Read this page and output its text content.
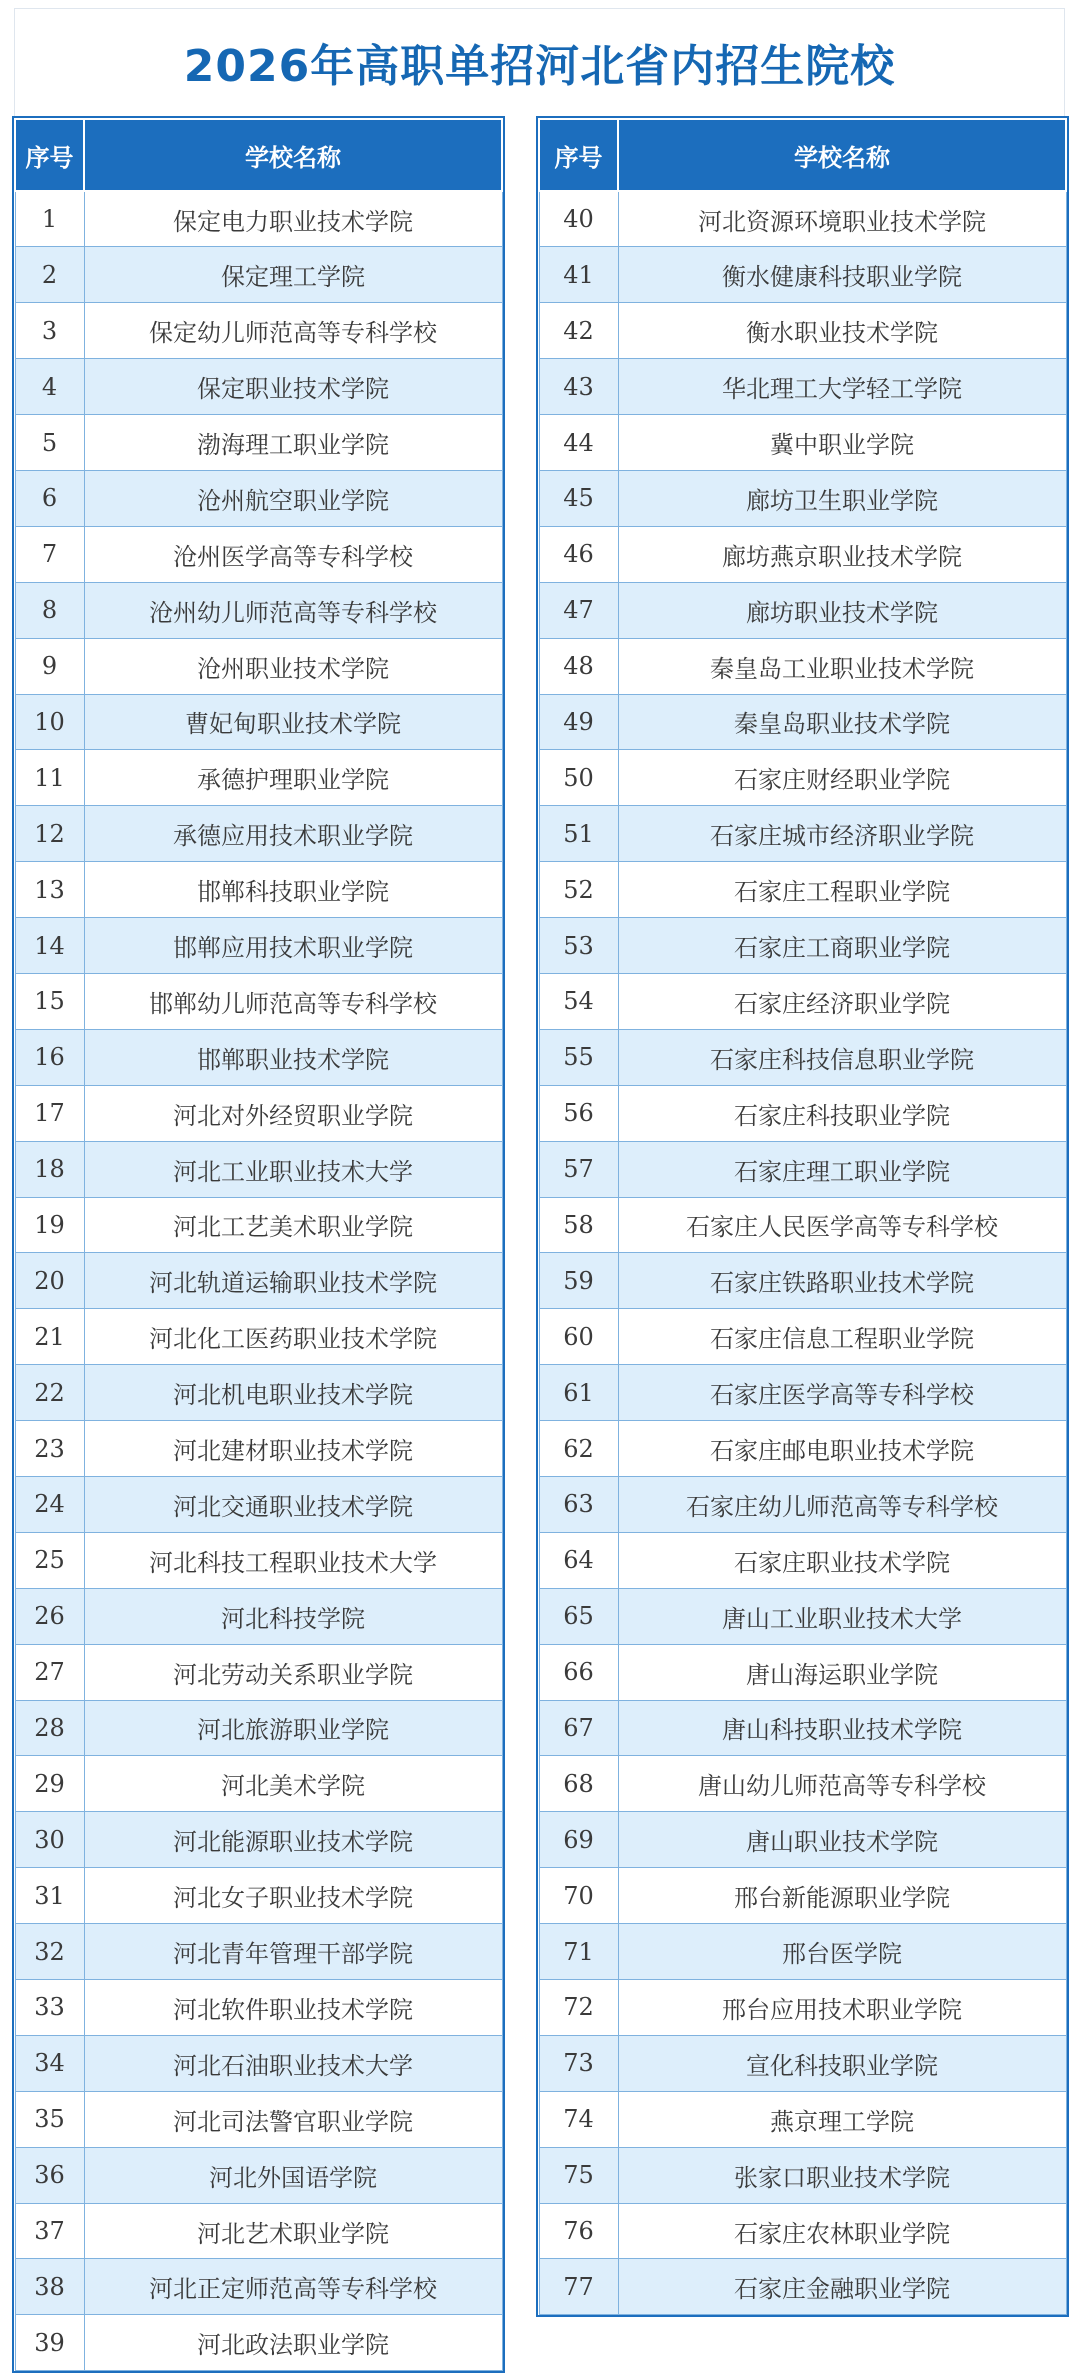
2026年高职单招河北省内招生院校
序号	学校名称
1	保定电力职业技术学院
2	保定理工学院
3	保定幼儿师范高等专科学校
4	保定职业技术学院
5	渤海理工职业学院
6	沧州航空职业学院
7	沧州医学高等专科学校
8	沧州幼儿师范高等专科学校
9	沧州职业技术学院
10	曹妃甸职业技术学院
11	承德护理职业学院
12	承德应用技术职业学院
13	邯郸科技职业学院
14	邯郸应用技术职业学院
15	邯郸幼儿师范高等专科学校
16	邯郸职业技术学院
17	河北对外经贸职业学院
18	河北工业职业技术大学
19	河北工艺美术职业学院
20	河北轨道运输职业技术学院
21	河北化工医药职业技术学院
22	河北机电职业技术学院
23	河北建材职业技术学院
24	河北交通职业技术学院
25	河北科技工程职业技术大学
26	河北科技学院
27	河北劳动关系职业学院
28	河北旅游职业学院
29	河北美术学院
30	河北能源职业技术学院
31	河北女子职业技术学院
32	河北青年管理干部学院
33	河北软件职业技术学院
34	河北石油职业技术大学
35	河北司法警官职业学院
36	河北外国语学院
37	河北艺术职业学院
38	河北正定师范高等专科学校
39	河北政法职业学院
序号	学校名称
40	河北资源环境职业技术学院
41	衡水健康科技职业学院
42	衡水职业技术学院
43	华北理工大学轻工学院
44	冀中职业学院
45	廊坊卫生职业学院
46	廊坊燕京职业技术学院
47	廊坊职业技术学院
48	秦皇岛工业职业技术学院
49	秦皇岛职业技术学院
50	石家庄财经职业学院
51	石家庄城市经济职业学院
52	石家庄工程职业学院
53	石家庄工商职业学院
54	石家庄经济职业学院
55	石家庄科技信息职业学院
56	石家庄科技职业学院
57	石家庄理工职业学院
58	石家庄人民医学高等专科学校
59	石家庄铁路职业技术学院
60	石家庄信息工程职业学院
61	石家庄医学高等专科学校
62	石家庄邮电职业技术学院
63	石家庄幼儿师范高等专科学校
64	石家庄职业技术学院
65	唐山工业职业技术大学
66	唐山海运职业学院
67	唐山科技职业技术学院
68	唐山幼儿师范高等专科学校
69	唐山职业技术学院
70	邢台新能源职业学院
71	邢台医学院
72	邢台应用技术职业学院
73	宣化科技职业学院
74	燕京理工学院
75	张家口职业技术学院
76	石家庄农林职业学院
77	石家庄金融职业学院
